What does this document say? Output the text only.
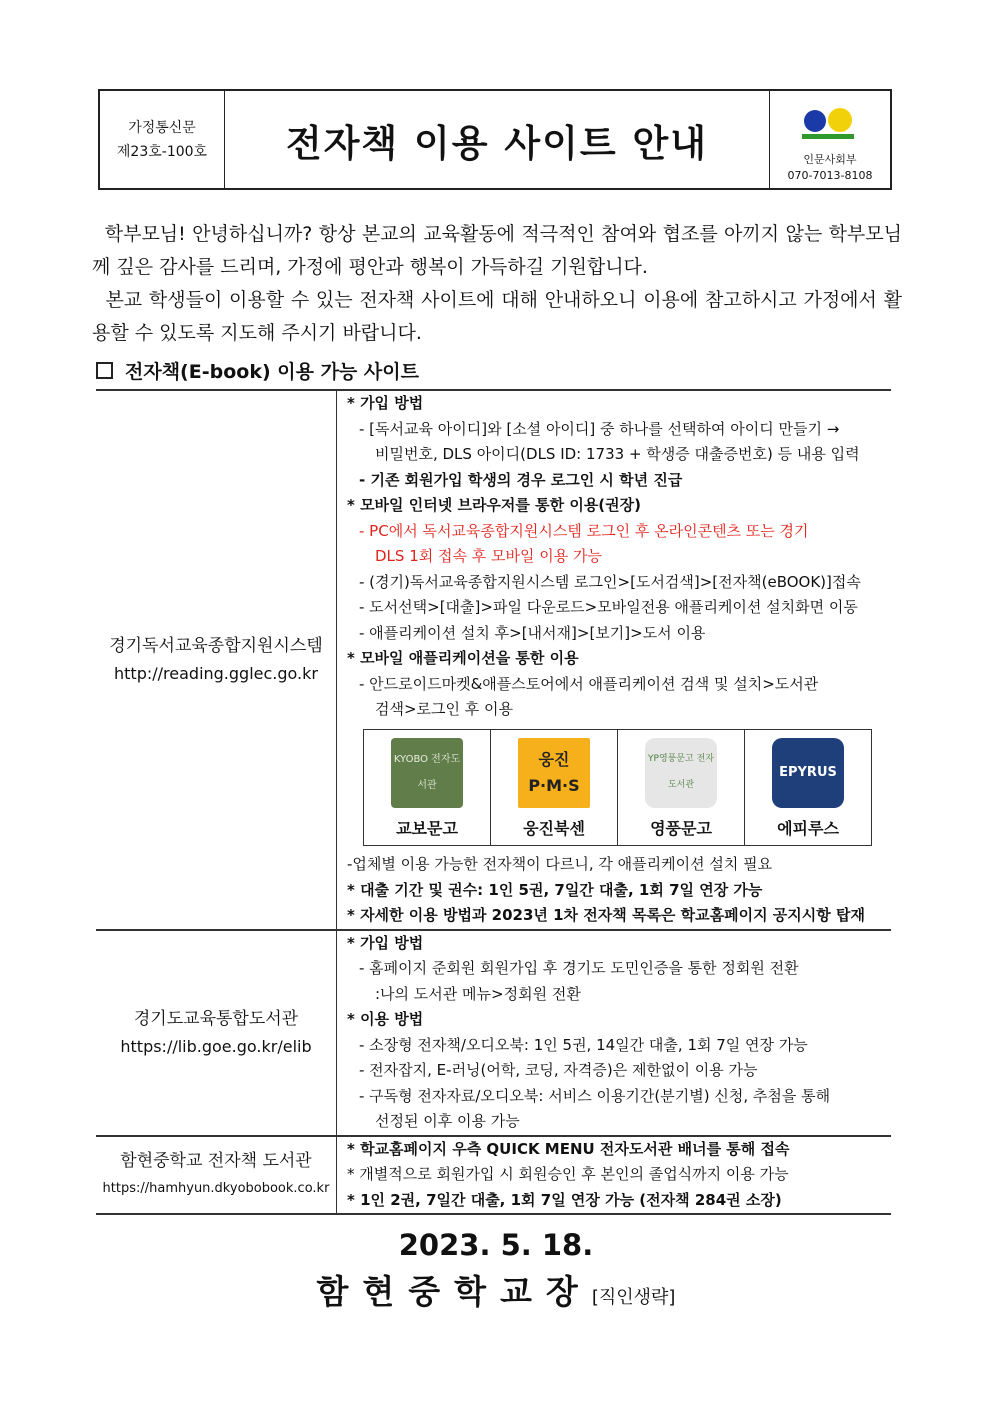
가정통신문
제23호-100호	전자책 이용 사이트 안내	인문사회부
070-7013-8108

학부모님! 안녕하십니까? 항상 본교의 교육활동에 적극적인 참여와 협조를 아끼지 않는 학부모님께 깊은 감사를 드리며, 가정에 평안과 행복이 가득하길 기원합니다.

본교 학생들이 이용할 수 있는 전자책 사이트에 대해 안내하오니 이용에 참고하시고 가정에서 활용할 수 있도록 지도해 주시기 바랍니다.

전자책(E-book) 이용 가능 사이트
경기독서교육종합지원시스템
http://reading.gglec.go.kr

* 가입 방법
- [독서교육 아이디]와 [소셜 아이디] 중 하나를 선택하여 아이디 만들기 →
비밀번호, DLS 아이디(DLS ID: 1733 + 학생증 대출증번호) 등 내용 입력
- 기존 회원가입 학생의 경우 로그인 시 학년 진급
* 모바일 인터넷 브라우저를 통한 이용(권장)
- PC에서 독서교육종합지원시스템 로그인 후 온라인콘텐츠 또는 경기
DLS 1회 접속 후 모바일 이용 가능
- (경기)독서교육종합지원시스템 로그인>[도서검색]>[전자책(eBOOK)]접속
- 도서선택>[대출]>파일 다운로드>모바일전용 애플리케이션 설치화면 이동
- 애플리케이션 설치 후>[내서재]>[보기]>도서 이용
* 모바일 애플리케이션을 통한 이용
- 안드로이드마켓&애플스토어에서 애플리케이션 검색 및 설치>도서관
검색>로그인 후 이용
KYOBO 전자도서관
교보문고

웅진 P·M·S
웅진북센

YP영풍문고 전자도서관
영풍문고

EPYRUS
에피루스
-업체별 이용 가능한 전자책이 다르니, 각 애플리케이션 설치 필요
* 대출 기간 및 권수: 1인 5권, 7일간 대출, 1회 7일 연장 가능
* 자세한 이용 방법과 2023년 1차 전자책 목록은 학교홈페이지 공지시항 탑재

경기도교육통합도서관
https://lib.goe.go.kr/elib

* 가입 방법
- 홈페이지 준회원 회원가입 후 경기도 도민인증을 통한 정회원 전환
:나의 도서관 메뉴>정회원 전환
* 이용 방법
- 소장형 전자책/오디오북: 1인 5권, 14일간 대출, 1회 7일 연장 가능
- 전자잡지, E-러닝(어학, 코딩, 자격증)은 제한없이 이용 가능
- 구독형 전자자료/오디오북: 서비스 이용기간(분기별) 신청, 추첨을 통해
선정된 이후 이용 가능

함현중학교 전자책 도서관
https://hamhyun.dkyobobook.co.kr

* 학교홈페이지 우측 QUICK MENU 전자도서관 배너를 통해 접속
* 개별적으로 회원가입 시 회원승인 후 본인의 졸업식까지 이용 가능
* 1인 2권, 7일간 대출, 1회 7일 연장 가능 (전자책 284권 소장)
2023. 5. 18.
함현중학교장[직인생략]
